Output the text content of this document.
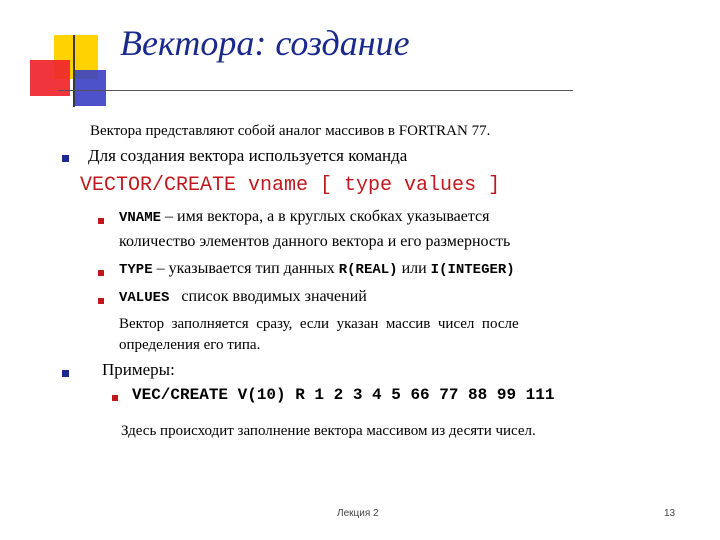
Вектора: создание
Вектора представляют собой аналог массивов в FORTRAN 77.
Для создания вектора используется команда
VECTOR/CREATE vname [ type values ]
VNAME – имя вектора, а в круглых скобках указывается
количество элементов данного вектора и его размерность
TYPE – указывается тип данных R(REAL) или I(INTEGER)
VALUES   список вводимых значений
Вектор  заполняется  сразу,  если  указан  массив  чисел  после
определения его типа.
Примеры:
VEC/CREATE V(10) R 1 2 3 4 5 66 77 88 99 111
Здесь происходит заполнение вектора массивом из десяти чисел.
Лекция 2	13
